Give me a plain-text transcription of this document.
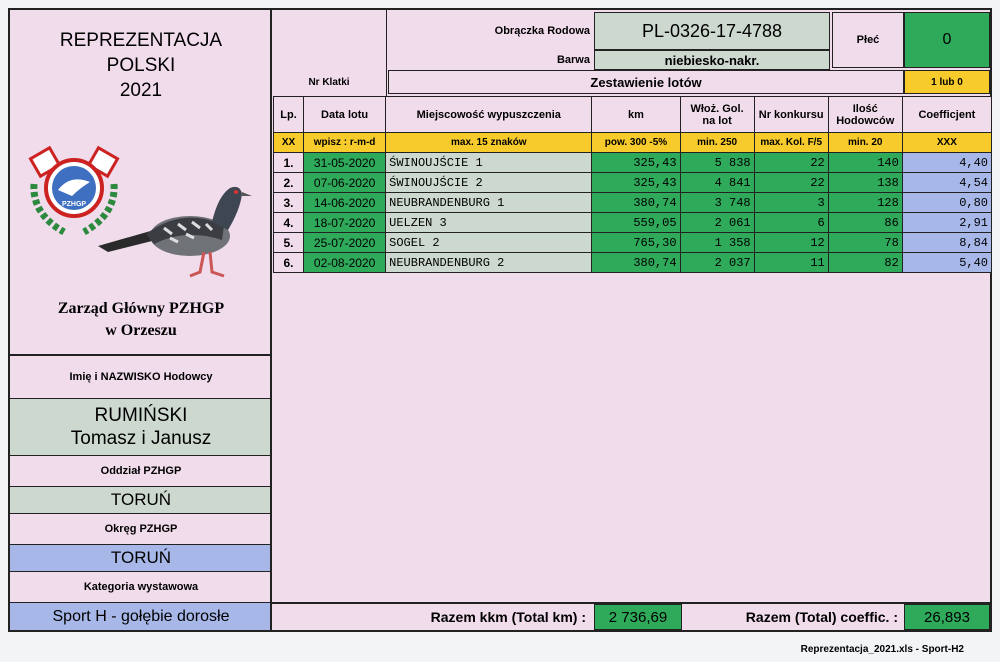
REPREZENTACJA
POLSKI
2021
PZHGP
Zarząd Główny PZHGP
w Orzeszu
Imię i NAZWISKO Hodowcy
RUMIŃSKI
Tomasz i Janusz
Oddział PZHGP
TORUŃ
Okręg PZHGP
TORUŃ
Kategoria wystawowa
Sport H - gołębie dorosłe
Nr Klatki
Obrączka Rodowa	PL-0326-17-4788
Barwa	niebiesko-nakr.
Płeć	0
Zestawienie lotów	1 lub 0
Lp.	Data lotu	Miejscowość wypuszczenia	km	Włoż. Gol. na lot	Nr konkursu	Ilość Hodowców	Coefficjent
XX	wpisz : r-m-d	max. 15 znaków	pow. 300 -5%	min. 250	max. Kol. F/5	min. 20	XXX
1.	31-05-2020	ŚWINOUJŚCIE 1	325,43	5 838	22	140	4,40
2.	07-06-2020	ŚWINOUJŚCIE 2	325,43	4 841	22	138	4,54
3.	14-06-2020	NEUBRANDENBURG 1	380,74	3 748	3	128	0,80
4.	18-07-2020	UELZEN 3	559,05	2 061	6	86	2,91
5.	25-07-2020	SOGEL 2	765,30	1 358	12	78	8,84
6.	02-08-2020	NEUBRANDENBURG 2	380,74	2 037	11	82	5,40
Razem kkm (Total km) :	2 736,69	Razem (Total) coeffic. :	26,893
Reprezentacja_2021.xls - Sport-H2
